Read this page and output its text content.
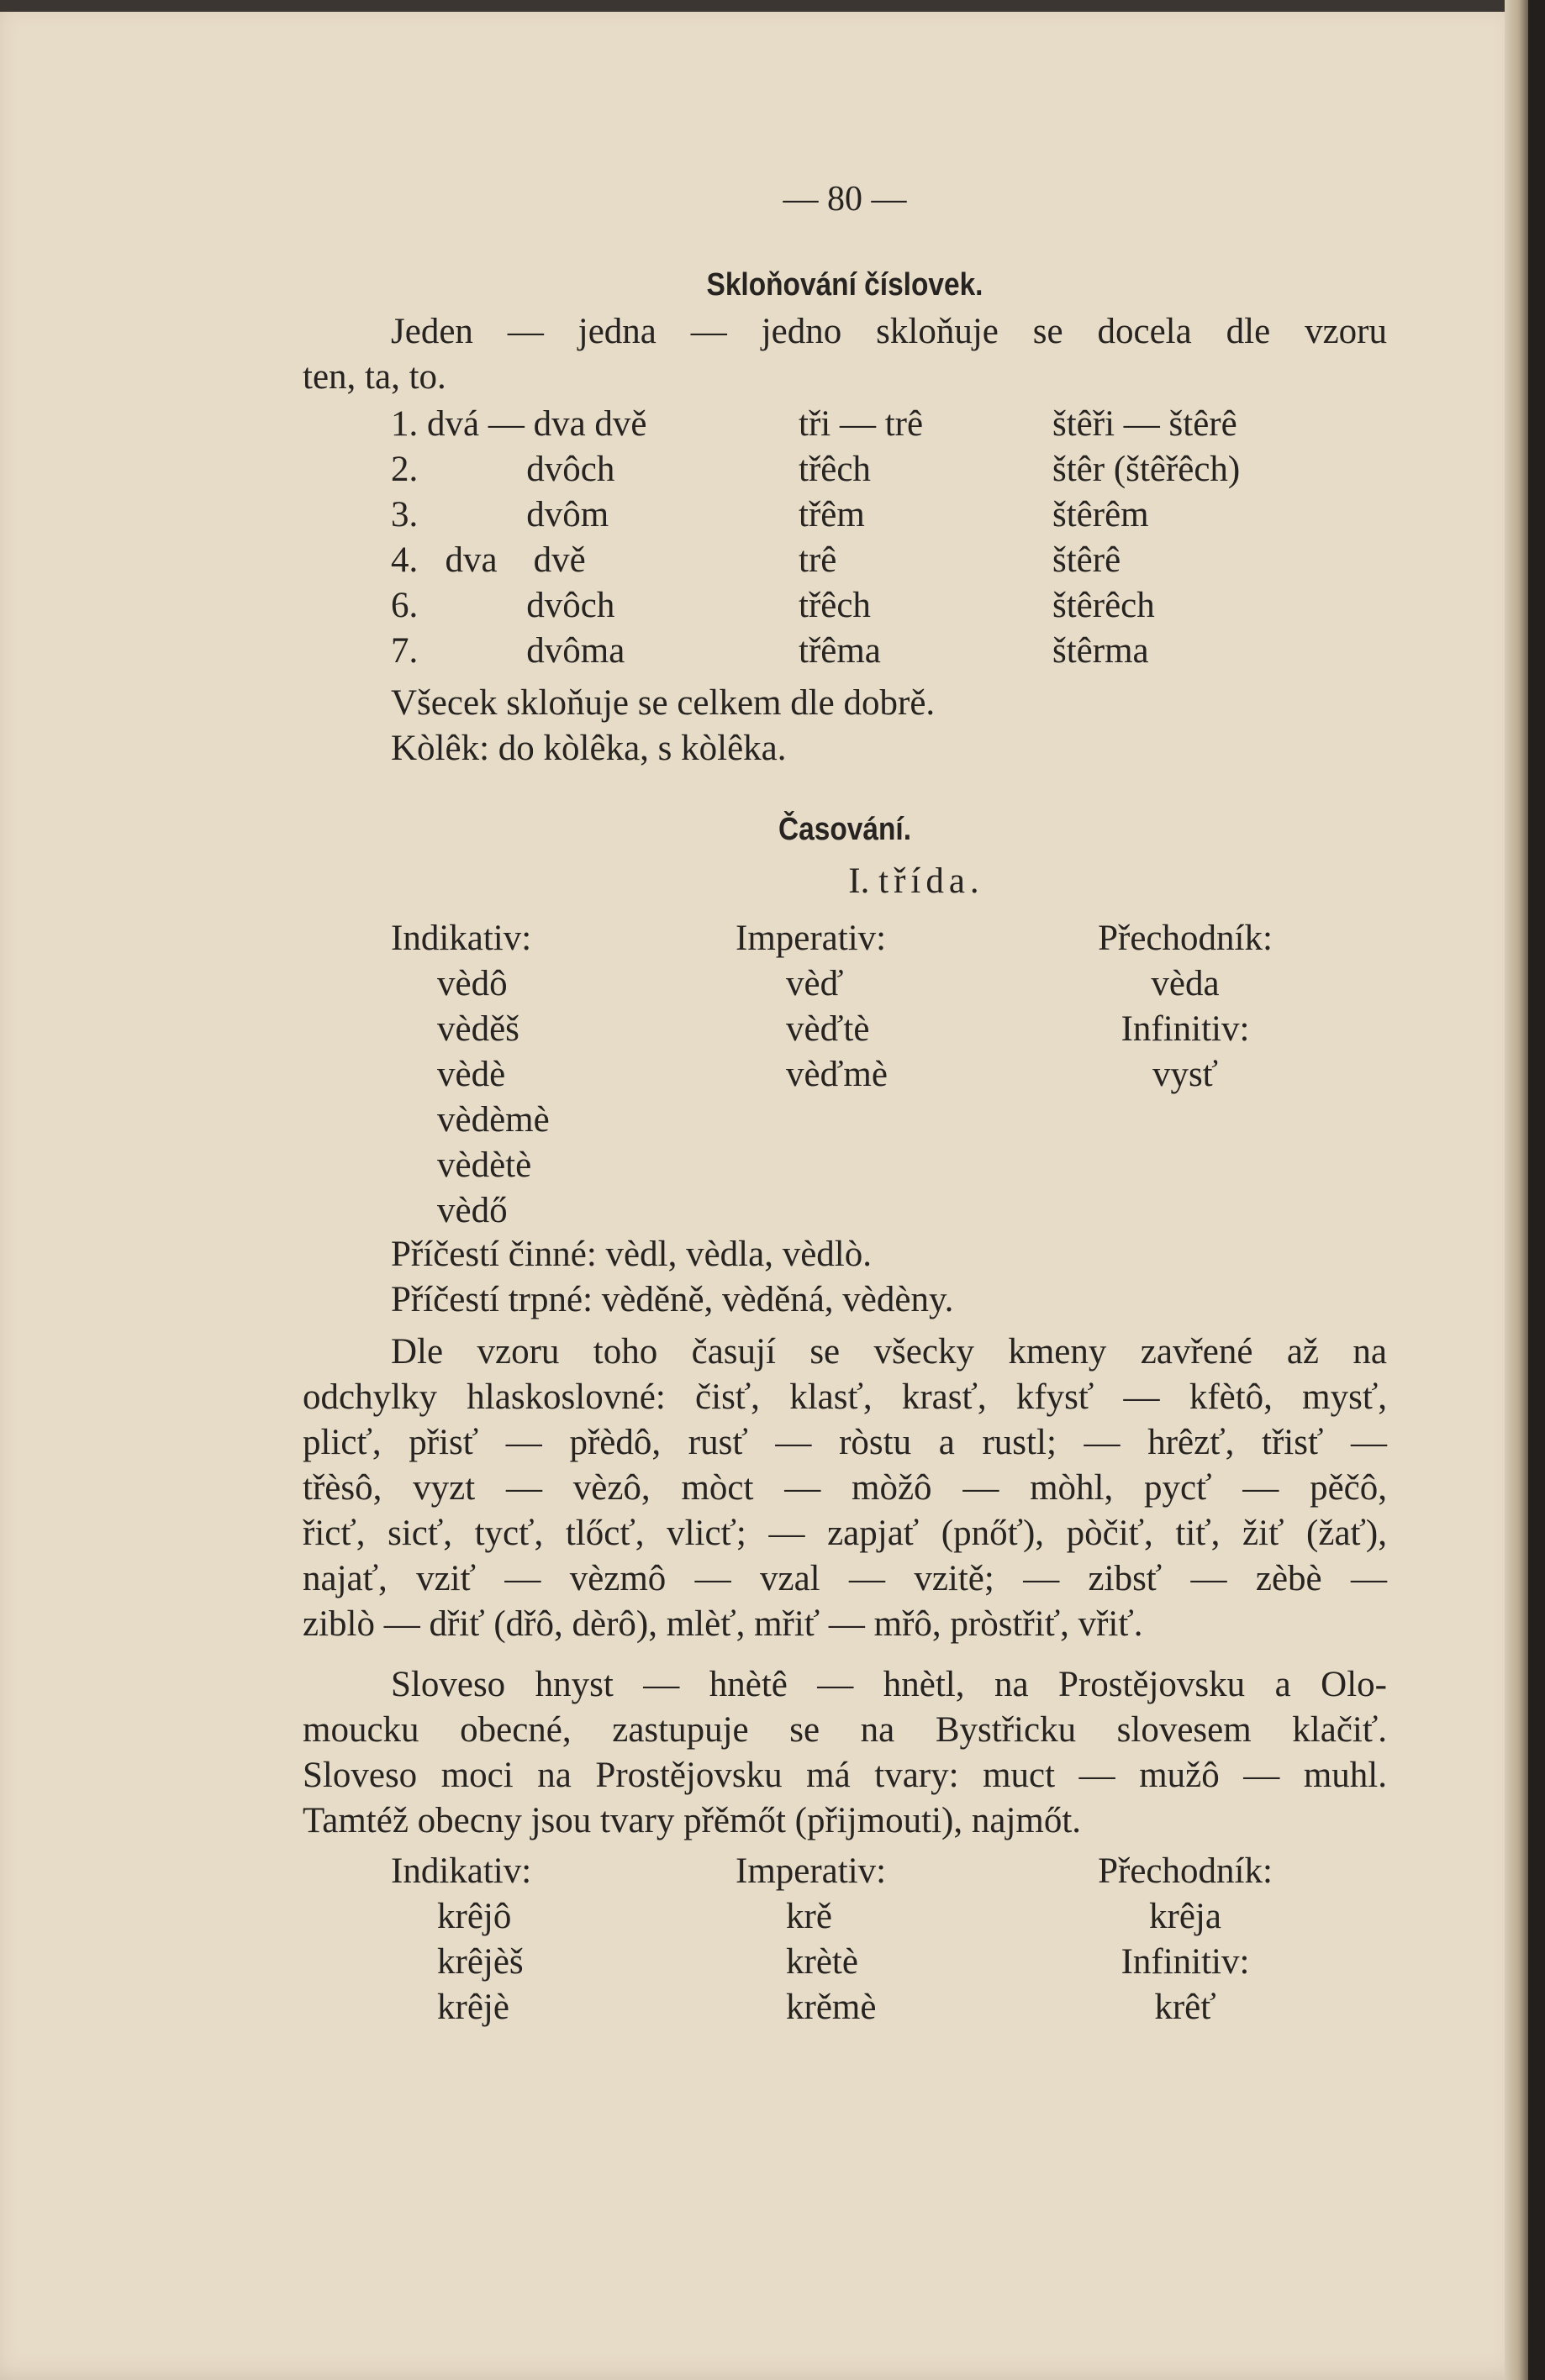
— 80 —
Skloňování číslovek.
Jeden — jedna — jedno skloňuje se docela dle vzoru
ten, ta, to.
1. dvá — dva dvě	tři — trê	štêři — štêrê
2.            dvôch	třêch	štêr (štêřêch)
3.            dvôm	třêm	štêrêm
4.   dva    dvě	trê	štêrê
6.            dvôch	třêch	štêrêch
7.            dvôma	třêma	štêrma
Všecek skloňuje se celkem dle dobrě.
Kòlêk: do kòlêka, s kòlêka.
Časování.
I. třída.
Indikativ:	Imperativ:	Přechodník:
vèdô	vèď	vèda
vèděš	vèďtè	Infinitiv:
vèdè	vèďmè	vysť
vèdèmè
vèdètè
vèdő
Příčestí činné: vèdl, vèdla, vèdlò.
Příčestí trpné: vèděně, vèděná, vèdèny.
Dle vzoru toho časují se všecky kmeny zavřené až na
odchylky hlaskoslovné: čisť, klasť, krasť, kfysť — kfètô, mysť,
plicť, přisť — přèdô, rusť — ròstu a rustl; — hrêzť, třisť —
třèsô, vyzt — vèzô, mòct — mòžô — mòhl, pycť — pěčô,
řicť, sicť, tycť, tlőcť, vlicť; — zapjať (pnőť), pòčiť, tiť, žiť (žať),
najať, vziť — vèzmô — vzal — vzitě; — zibsť — zèbè —
ziblò — dřiť (dřô, dèrô), mlèť, mřiť — mřô, pròstřiť, vřiť.
Sloveso hnyst — hnètê — hnètl, na Prostějovsku a Olo-
moucku obecné, zastupuje se na Bystřicku slovesem klačiť.
Sloveso moci na Prostějovsku má tvary: muct — mužô — muhl.
Tamtéž obecny jsou tvary přěmőt (přijmouti), najmőt.
Indikativ:	Imperativ:	Přechodník:
krêjô	krě	krêja
krêjèš	krètè	Infinitiv:
krêjè	krěmè	krêť
